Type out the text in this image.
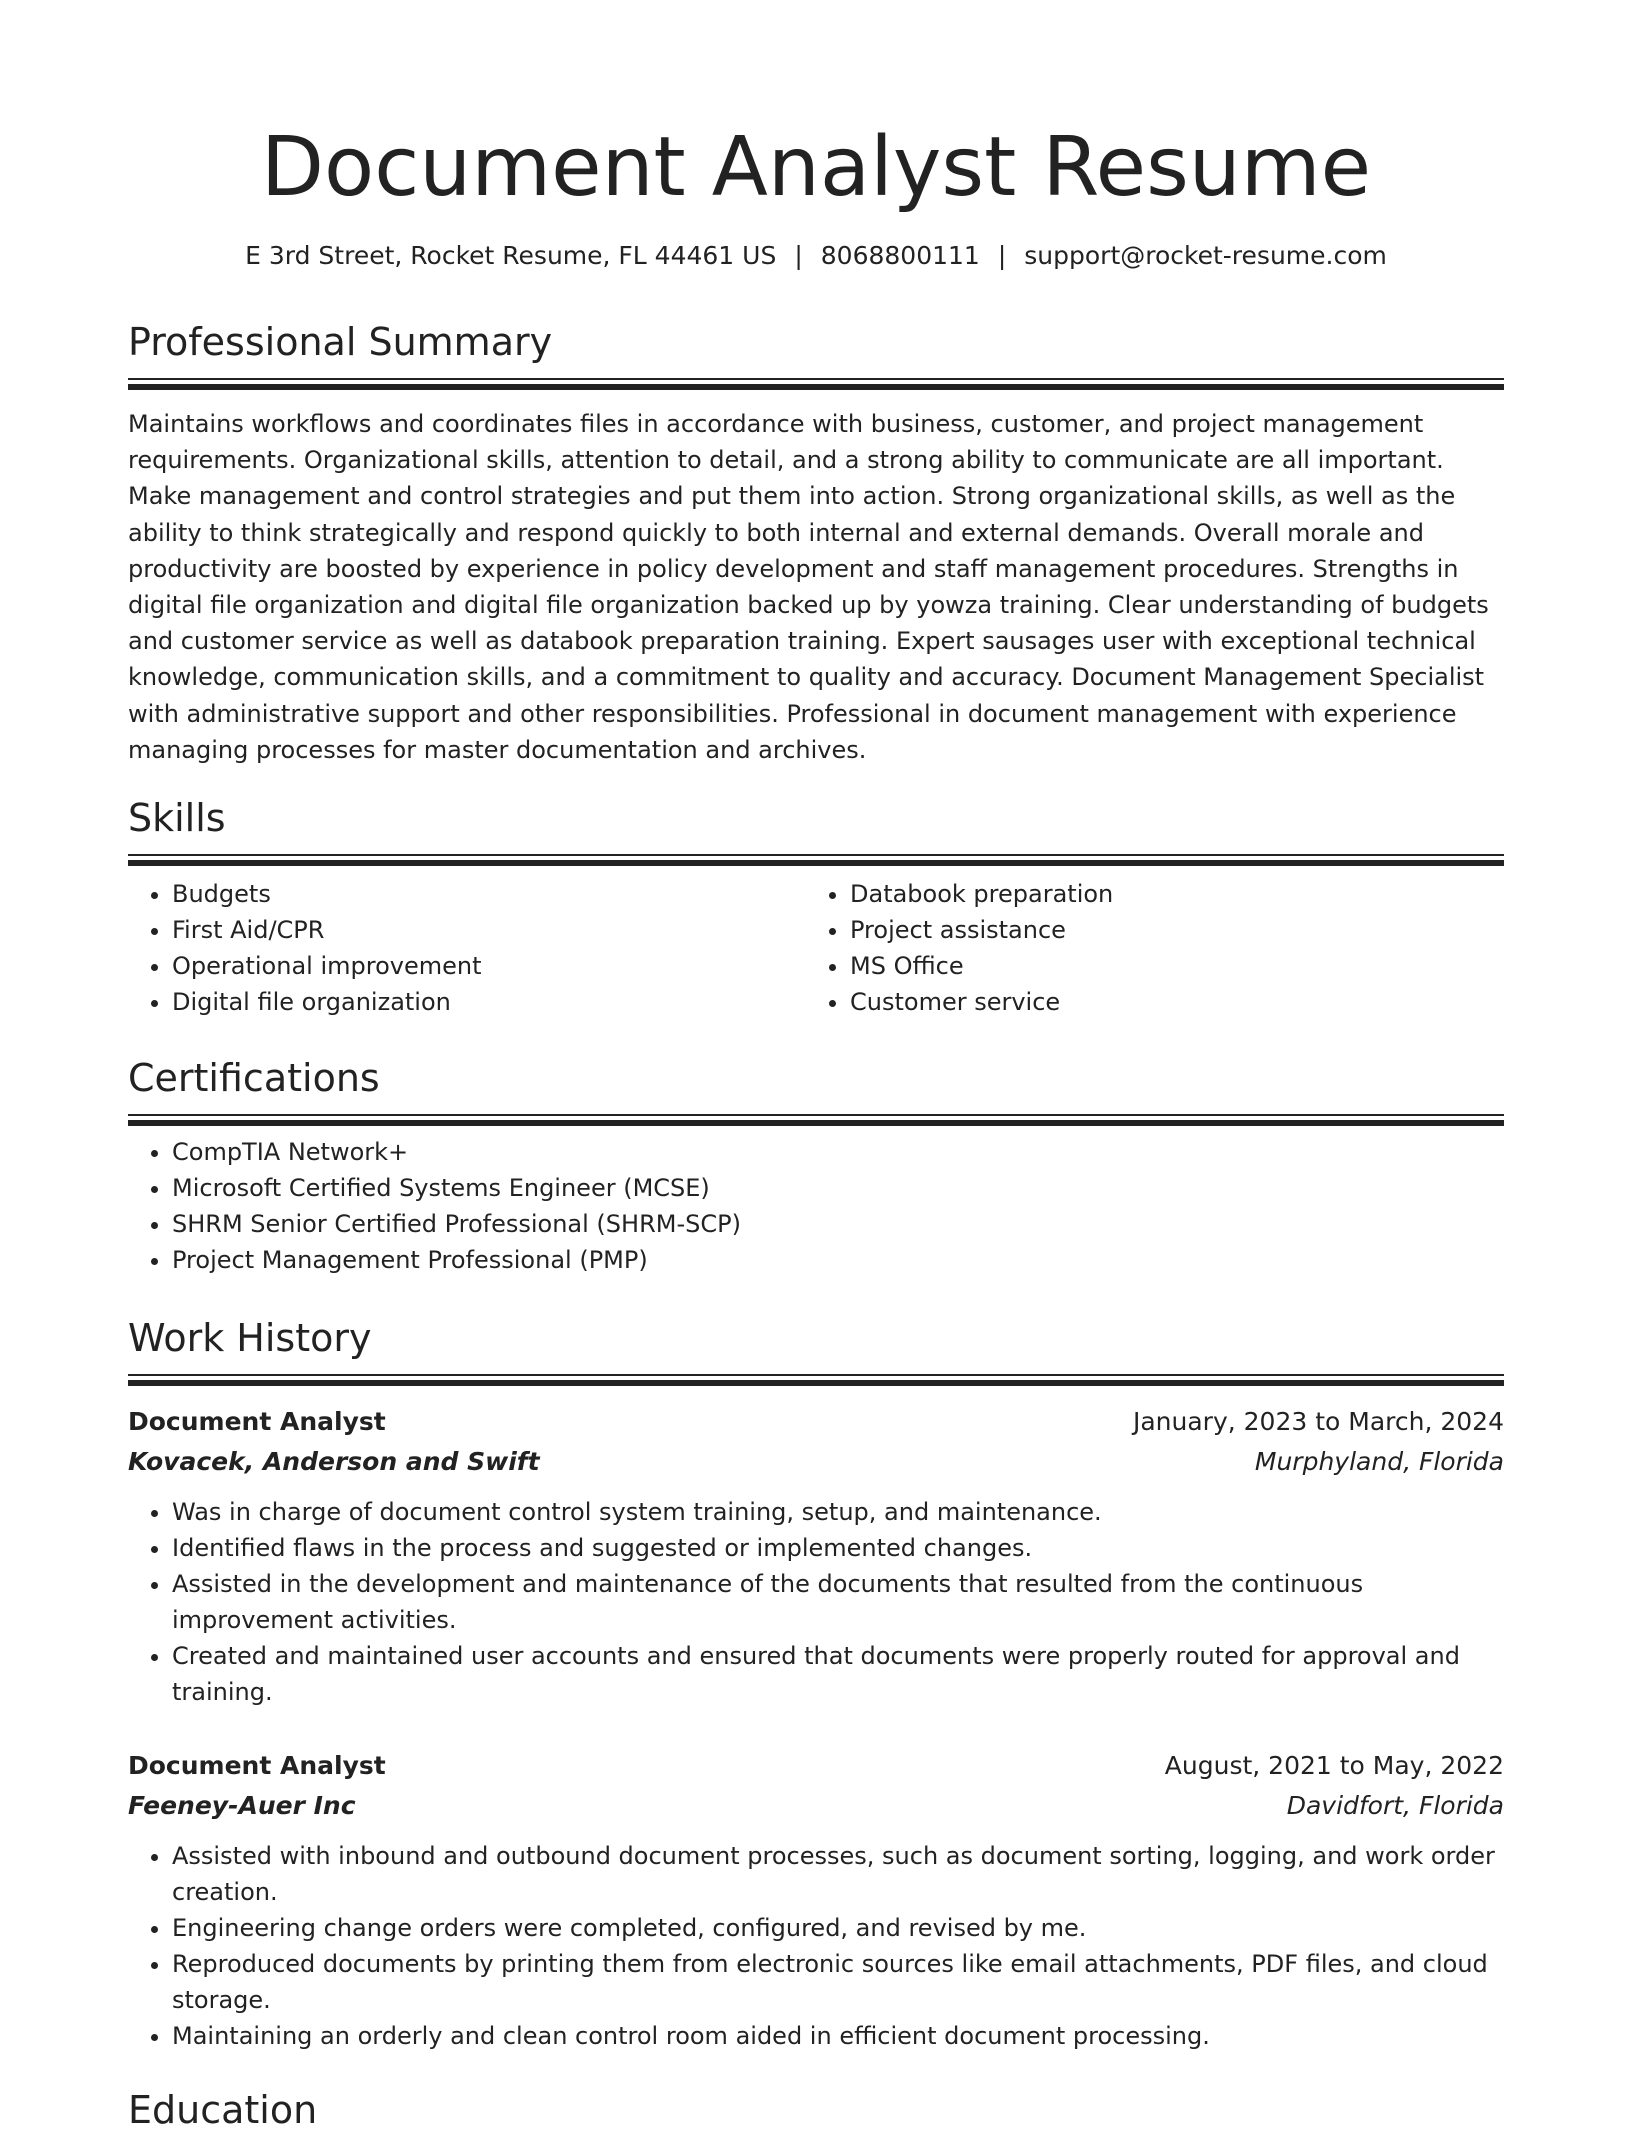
Document Analyst Resume
E 3rd Street, Rocket Resume, FL 44461 US | 8068800111 | support@rocket-resume.com
Professional Summary

Maintains workflows and coordinates files in accordance with business, customer, and project management requirements. Organizational skills, attention to detail, and a strong ability to communicate are all important. Make management and control strategies and put them into action. Strong organizational skills, as well as the ability to think strategically and respond quickly to both internal and external demands. Overall morale and productivity are boosted by experience in policy development and staff management procedures. Strengths in digital file organization and digital file organization backed up by yowza training. Clear understanding of budgets and customer service as well as databook preparation training. Expert sausages user with exceptional technical knowledge, communication skills, and a commitment to quality and accuracy. Document Management Specialist with administrative support and other responsibilities. Professional in document management with experience managing processes for master documentation and archives.

Skills
• Budgets
• First Aid/CPR
• Operational improvement
• Digital file organization
• Databook preparation
• Project assistance
• MS Office
• Customer service
Certifications
• CompTIA Network+
• Microsoft Certified Systems Engineer (MCSE)
• SHRM Senior Certified Professional (SHRM-SCP)
• Project Management Professional (PMP)
Work History
Document Analyst	January, 2023 to March, 2024
Kovacek, Anderson and Swift	Murphyland, Florida
• Was in charge of document control system training, setup, and maintenance.
• Identified flaws in the process and suggested or implemented changes.
• Assisted in the development and maintenance of the documents that resulted from the continuous improvement activities.
• Created and maintained user accounts and ensured that documents were properly routed for approval and training.
Document Analyst	August, 2021 to May, 2022
Feeney-Auer Inc	Davidfort, Florida
• Assisted with inbound and outbound document processes, such as document sorting, logging, and work order creation.
• Engineering change orders were completed, configured, and revised by me.
• Reproduced documents by printing them from electronic sources like email attachments, PDF files, and cloud storage.
• Maintaining an orderly and clean control room aided in efficient document processing.
Education
